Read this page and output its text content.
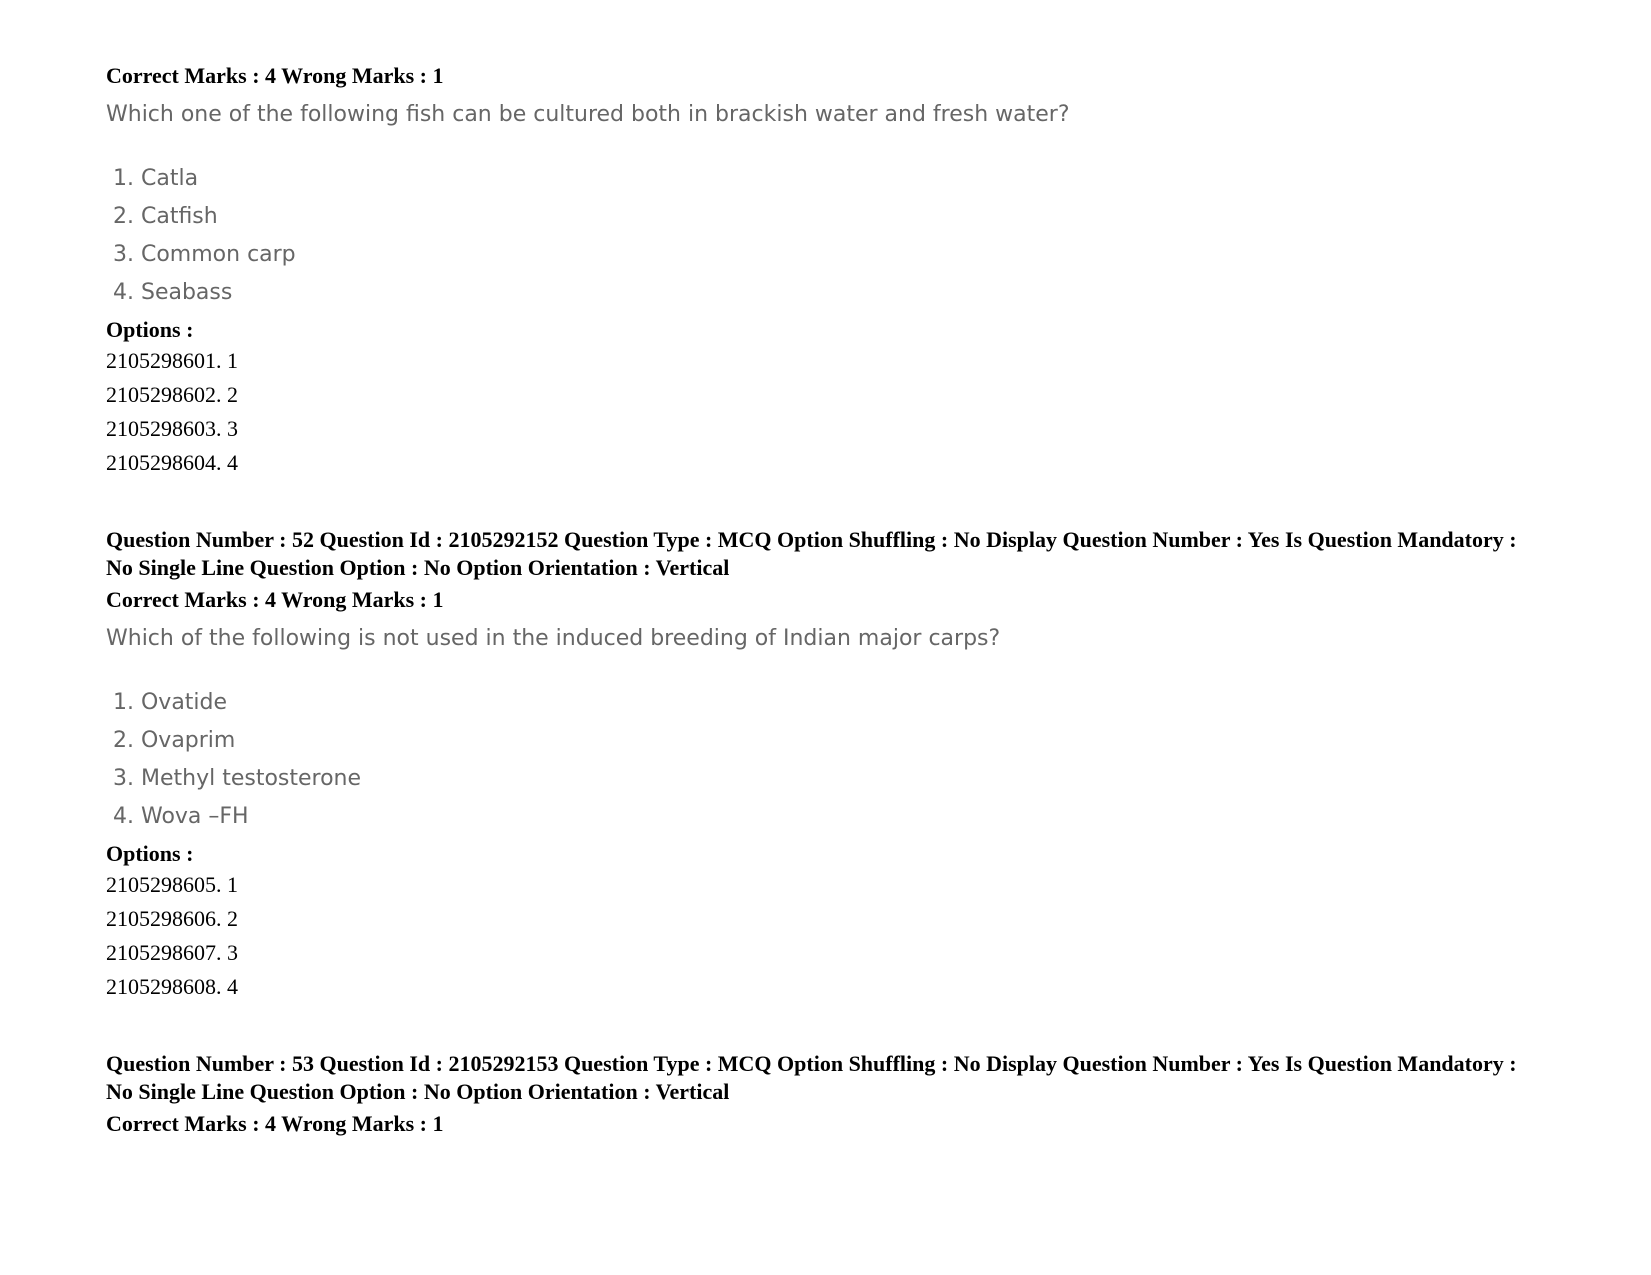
Correct Marks : 4 Wrong Marks : 1

Which one of the following fish can be cultured both in brackish water and fresh water?

1. Catla
2. Catfish
3. Common carp
4. Seabass

Options :

2105298601. 1
2105298602. 2
2105298603. 3
2105298604. 4

Question Number : 52 Question Id : 2105292152 Question Type : MCQ Option Shuffling : No Display Question Number : Yes Is Question Mandatory : No Single Line Question Option : No Option Orientation : Vertical

Correct Marks : 4 Wrong Marks : 1

Which of the following is not used in the induced breeding of Indian major carps?

1. Ovatide
2. Ovaprim
3. Methyl testosterone
4. Wova –FH

Options :

2105298605. 1
2105298606. 2
2105298607. 3
2105298608. 4

Question Number : 53 Question Id : 2105292153 Question Type : MCQ Option Shuffling : No Display Question Number : Yes Is Question Mandatory : No Single Line Question Option : No Option Orientation : Vertical

Correct Marks : 4 Wrong Marks : 1
